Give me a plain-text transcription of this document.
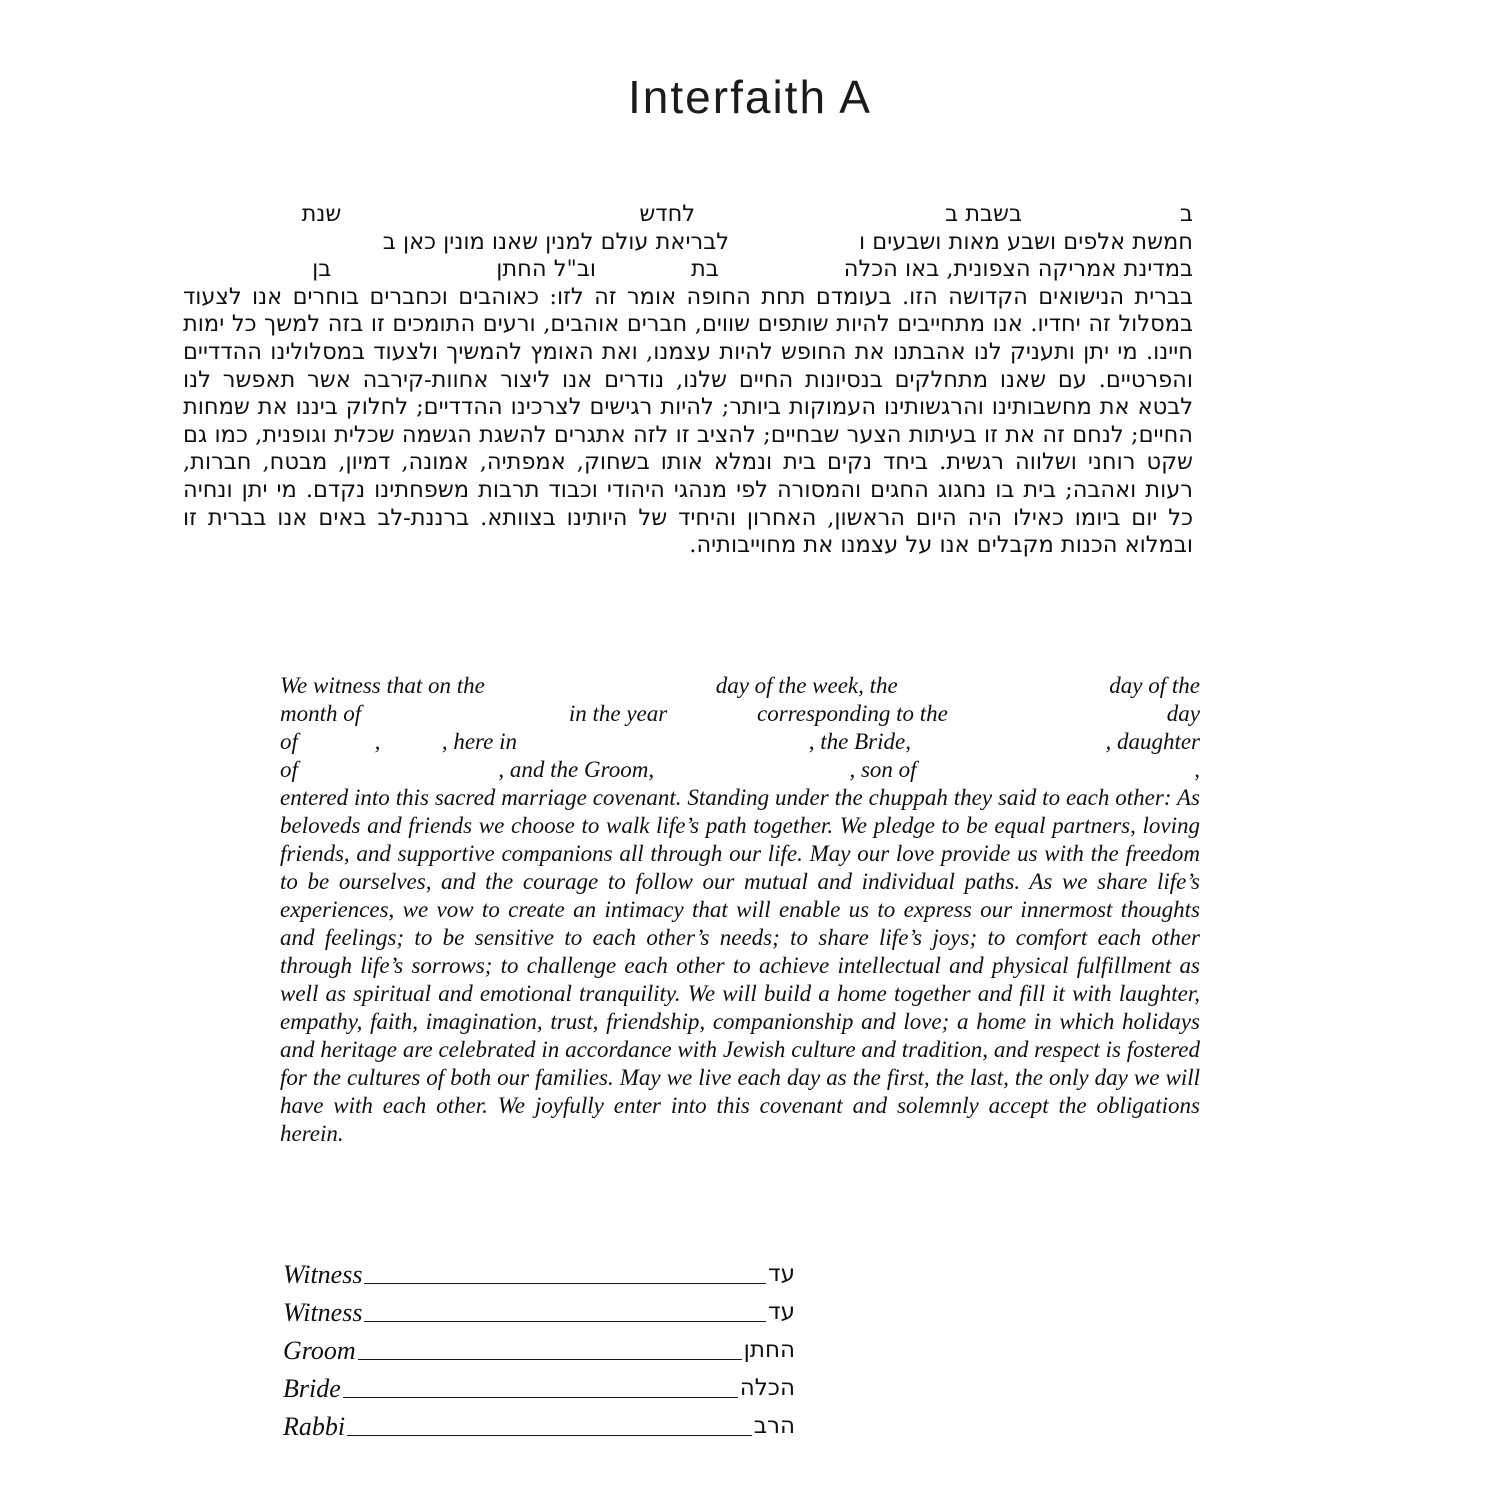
Interfaith A
ב
בשבת ב
לחדש
שנת
חמשת אלפים ושבע מאות ושבעים ו
לבריאת עולם למנין שאנו מונין כאן ב
במדינת אמריקה הצפונית, באו הכלה
בת
וב"ל החתן
בן
בברית הנישואים הקדושה הזו. בעומדם תחת החופה אומר זה לזו: כאוהבים וכחברים בוחרים אנו לצעוד במסלול זה יחדיו. אנו מתחייבים להיות שותפים שווים, חברים אוהבים, ורעים התומכים זו בזה למשך כל ימות חיינו. מי יתן ותעניק לנו אהבתנו את החופש להיות עצמנו, ואת האומץ להמשיך ולצעוד במסלולינו ההדדיים והפרטיים. עם שאנו מתחלקים בנסיונות החיים שלנו, נודרים אנו ליצור אחוות-קירבה אשר תאפשר לנו לבטא את מחשבותינו והרגשותינו העמוקות ביותר; להיות רגישים לצרכינו ההדדיים; לחלוק ביננו את שמחות החיים; לנחם זה את זו בעיתות הצער שבחיים; להציב זו לזה אתגרים להשגת הגשמה שכלית וגופנית, כמו גם שקט רוחני ושלווה רגשית. ביחד נקים בית ונמלא אותו בשחוק, אמפתיה, אמונה, דמיון, מבטח, חברות, רעות ואהבה; בית בו נחגוג החגים והמסורה לפי מנהגי היהודי וכבוד תרבות משפחתינו נקדם. מי יתן ונחיה כל יום ביומו כאילו היה היום הראשון, האחרון והיחיד של היותינו בצוותא. ברננת-לב באים אנו בברית זו ובמלוא הכנות מקבלים אנו על עצמנו את מחוייבותיה.
We witness that on the	day of the week, the	day of the
month of	in the year	corresponding to the	day
of	,	, here in	, the Bride,	, daughter
of	, and the Groom,	, son of	,
entered into this sacred marriage covenant. Standing under the chuppah they said to each other: As beloveds and friends we choose to walk life’s path together. We pledge to be equal partners, loving friends, and supportive companions all through our life. May our love provide us with the freedom to be ourselves, and the courage to follow our mutual and individual paths. As we share life’s experiences, we vow to create an intimacy that will enable us to express our innermost thoughts and feelings; to be sensitive to each other’s needs; to share life’s joys; to comfort each other through life’s sorrows; to challenge each other to achieve intellectual and physical fulfillment as well as spiritual and emotional tranquility. We will build a home together and fill it with laughter, empathy, faith, imagination, trust, friendship, companionship and love; a home in which holidays and heritage are celebrated in accordance with Jewish culture and tradition, and respect is fostered for the cultures of both our families. May we live each day as the first, the last, the only day we will have with each other. We joyfully enter into this covenant and solemnly accept the obligations herein.
Witness	עד
Witness	עד
Groom	החתן
Bride	הכלה
Rabbi	הרב
